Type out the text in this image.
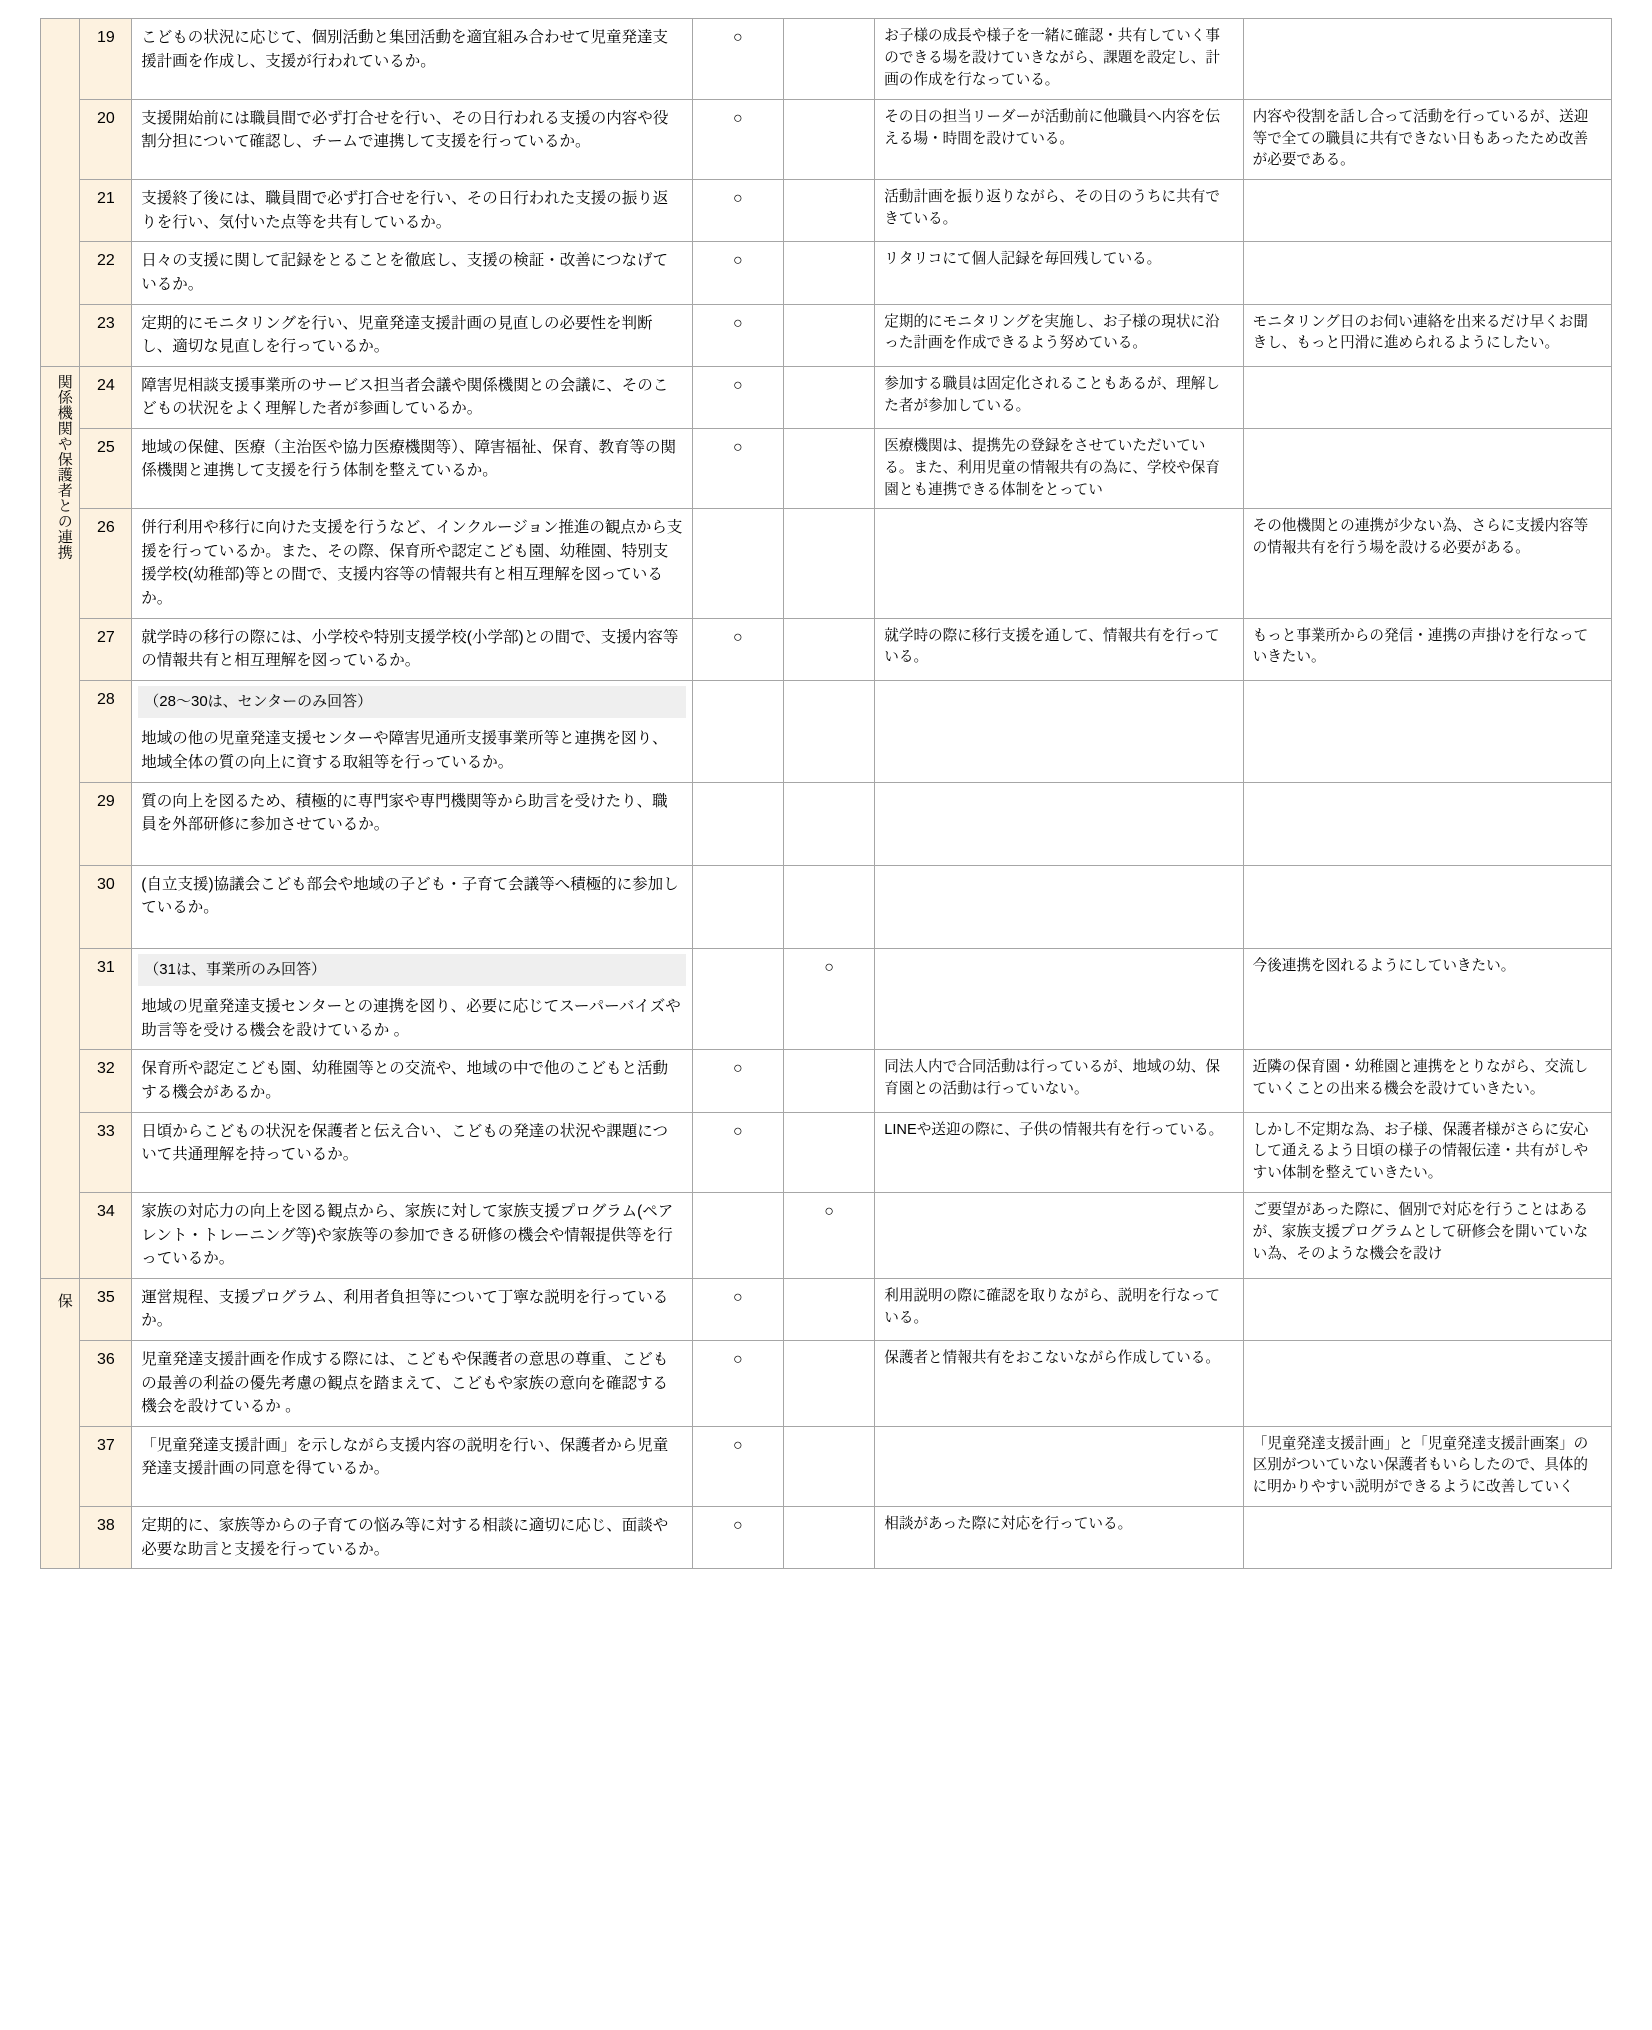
	19	こどもの状況に応じて、個別活動と集団活動を適宜組み合わせて児童発達支援計画を作成し、支援が行われているか。	○		お子様の成長や様子を一緒に確認・共有していく事のできる場を設けていきながら、課題を設定し、計画の作成を行なっている。	
	20	支援開始前には職員間で必ず打合せを行い、その日行われる支援の内容や役割分担について確認し、チームで連携して支援を行っているか。	○		その日の担当リーダーが活動前に他職員へ内容を伝える場・時間を設けている。	内容や役割を話し合って活動を行っているが、送迎等で全ての職員に共有できない日もあったため改善が必要である。
	21	支援終了後には、職員間で必ず打合せを行い、その日行われた支援の振り返りを行い、気付いた点等を共有しているか。	○		活動計画を振り返りながら、その日のうちに共有できている。	
	22	日々の支援に関して記録をとることを徹底し、支援の検証・改善につなげているか。	○		リタリコにて個人記録を毎回残している。	
	23	定期的にモニタリングを行い、児童発達支援計画の見直しの必要性を判断し、適切な見直しを行っているか。	○		定期的にモニタリングを実施し、お子様の現状に沿った計画を作成できるよう努めている。	モニタリング日のお伺い連絡を出来るだけ早くお聞きし、もっと円滑に進められるようにしたい。
関係機関や保護者との連携	24	障害児相談支援事業所のサービス担当者会議や関係機関との会議に、そのこどもの状況をよく理解した者が参画しているか。	○		参加する職員は固定化されることもあるが、理解した者が参加している。	
	25	地域の保健、医療（主治医や協力医療機関等）、障害福祉、保育、教育等の関係機関と連携して支援を行う体制を整えているか。	○		医療機関は、提携先の登録をさせていただいている。また、利用児童の情報共有の為に、学校や保育園とも連携できる体制をとってい	
	26	併行利用や移行に向けた支援を行うなど、インクルージョン推進の観点から支援を行っているか。また、その際、保育所や認定こども園、幼稚園、特別支援学校(幼稚部)等との間で、支援内容等の情報共有と相互理解を図っているか。				その他機関との連携が少ない為、さらに支援内容等の情報共有を行う場を設ける必要がある。
	27	就学時の移行の際には、小学校や特別支援学校(小学部)との間で、支援内容等の情報共有と相互理解を図っているか。	○		就学時の際に移行支援を通して、情報共有を行っている。	もっと事業所からの発信・連携の声掛けを行なっていきたい。
	28	（28〜30は、センターのみ回答）
地域の他の児童発達支援センターや障害児通所支援事業所等と連携を図り、地域全体の質の向上に資する取組等を行っているか。				

	29	質の向上を図るため、積極的に専門家や専門機関等から助言を受けたり、職員を外部研修に参加させているか。				

	30	(自立支援)協議会こども部会や地域の子ども・子育て会議等へ積極的に参加しているか。				

	31	（31は、事業所のみ回答）
地域の児童発達支援センターとの連携を図り、必要に応じてスーパーバイズや助言等を受ける機会を設けているか 。		○		今後連携を図れるようにしていきたい。
	32	保育所や認定こども園、幼稚園等との交流や、地域の中で他のこどもと活動する機会があるか。	○		同法人内で合同活動は行っているが、地域の幼、保育園との活動は行っていない。	近隣の保育園・幼稚園と連携をとりながら、交流していくことの出来る機会を設けていきたい。
	33	日頃からこどもの状況を保護者と伝え合い、こどもの発達の状況や課題について共通理解を持っているか。	○		LINEや送迎の際に、子供の情報共有を行っている。	しかし不定期な為、お子様、保護者様がさらに安心して通えるよう日頃の様子の情報伝達・共有がしやすい体制を整えていきたい。
	34	家族の対応力の向上を図る観点から、家族に対して家族支援プログラム(ペアレント・トレーニング等)や家族等の参加できる研修の機会や情報提供等を行っているか。		○		ご要望があった際に、個別で対応を行うことはあるが、家族支援プログラムとして研修会を開いていない為、そのような機会を設け
保	35	運営規程、支援プログラム、利用者負担等について丁寧な説明を行っているか。	○		利用説明の際に確認を取りながら、説明を行なっている。	
	36	児童発達支援計画を作成する際には、こどもや保護者の意思の尊重、こどもの最善の利益の優先考慮の観点を踏まえて、こどもや家族の意向を確認する機会を設けているか 。	○		保護者と情報共有をおこないながら作成している。	
	37	「児童発達支援計画」を示しながら支援内容の説明を行い、保護者から児童発達支援計画の同意を得ているか。	○			「児童発達支援計画」と「児童発達支援計画案」の区別がついていない保護者もいらしたので、具体的に明かりやすい説明ができるように改善していく
	38	定期的に、家族等からの子育ての悩み等に対する相談に適切に応じ、面談や必要な助言と支援を行っているか。	○		相談があった際に対応を行っている。	
